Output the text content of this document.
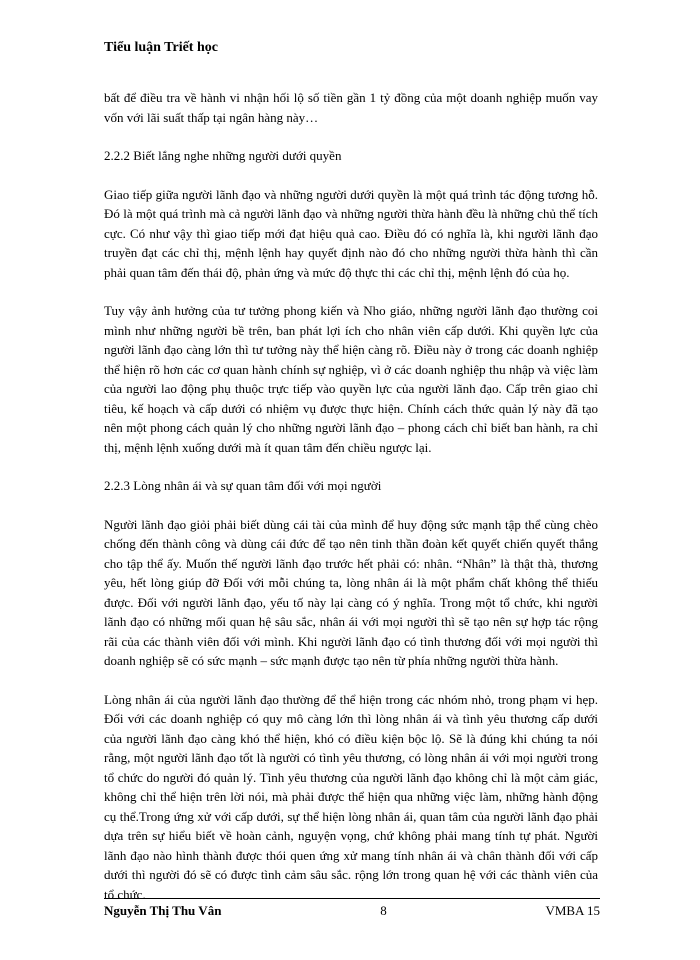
Tiểu luận Triết học

bất để điều tra về hành vi nhận hối lộ số tiền gần 1 tỷ đồng của một doanh nghiệp muốn vay vốn với lãi suất thấp tại ngân hàng này…

2.2.2 Biết lắng nghe những người dưới quyền

Giao tiếp giữa người lãnh đạo và những người dưới quyền là một quá trình tác động tương hỗ. Đó là một quá trình mà cả người lãnh đạo và những người thừa hành đều là những chủ thể tích cực. Có như vậy thì giao tiếp mới đạt hiệu quả cao. Điều đó có nghĩa là, khi người lãnh đạo truyền đạt các chỉ thị, mệnh lệnh hay quyết định nào đó cho những người thừa hành thì cần phải quan tâm đến thái độ, phản ứng và mức độ thực thi các chỉ thị, mệnh lệnh đó của họ.

Tuy vậy ảnh hưởng của tư tưởng phong kiến và Nho giáo, những người lãnh đạo thường coi mình như những người bề trên, ban phát lợi ích cho nhân viên cấp dưới. Khi quyền lực của người lãnh đạo càng lớn thì tư tưởng này thể hiện càng rõ. Điều này ở trong các doanh nghiệp thể hiện rõ hơn các cơ quan hành chính sự nghiệp, vì ở các doanh nghiệp thu nhập và việc làm của người lao động phụ thuộc trực tiếp vào quyền lực của người lãnh đạo. Cấp trên giao chỉ tiêu, kế hoạch và cấp dưới có nhiệm vụ được thực hiện. Chính cách thức quản lý này đã tạo nên một phong cách quản lý cho những người lãnh đạo – phong cách chỉ biết ban hành, ra chỉ thị, mệnh lệnh xuống dưới mà ít quan tâm đến chiều ngược lại.

2.2.3 Lòng nhân ái và sự quan tâm đối với mọi người

Người lãnh đạo giỏi phải biết dùng cái tài của mình để huy động sức mạnh tập thể cùng chèo chống đến thành công và dùng cái đức để tạo nên tinh thần đoàn kết quyết chiến quyết thắng cho tập thể ấy. Muốn thế người lãnh đạo trước hết phải có: nhân. “Nhân” là thật thà, thương yêu, hết lòng giúp đỡ Đối với mỗi chúng ta, lòng nhân ái là một phẩm chất không thể thiếu được. Đối với người lãnh đạo, yếu tố này lại càng có ý nghĩa. Trong một tổ chức, khi người lãnh đạo có những mối quan hệ sâu sắc, nhân ái với mọi người thì sẽ tạo nên sự hợp tác rộng rãi của các thành viên đối với mình. Khi người lãnh đạo có tình thương đối với mọi người thì doanh nghiệp sẽ có sức mạnh – sức mạnh được tạo nên từ phía những người thừa hành.

Lòng nhân ái của người lãnh đạo thường để thể hiện trong các nhóm nhỏ, trong phạm vi hẹp. Đối với các doanh nghiệp có quy mô càng lớn thì lòng nhân ái và tình yêu thương cấp dưới của người lãnh đạo càng khó thể hiện, khó có điều kiện bộc lộ. Sẽ là đúng khi chúng ta nói rằng, một người lãnh đạo tốt là người có tình yêu thương, có lòng nhân ái với mọi người trong tổ chức do người đó quản lý. Tình yêu thương của người lãnh đạo không chỉ là một cảm giác, không chỉ thể hiện trên lời nói, mà phải được thể hiện qua những việc làm, những hành động cụ thể.Trong ứng xử với cấp dưới, sự thể hiện lòng nhân ái, quan tâm của người lãnh đạo phải dựa trên sự hiểu biết về hoàn cảnh, nguyện vọng, chứ không phải mang tính tự phát. Người lãnh đạo nào hình thành được thói quen ứng xử mang tính nhân ái và chân thành đối với cấp dưới thì người đó sẽ có được tình cảm sâu sắc. rộng lớn trong quan hệ với các thành viên của tổ chức.

Nguyễn Thị Thu Vân	8	VMBA 15
